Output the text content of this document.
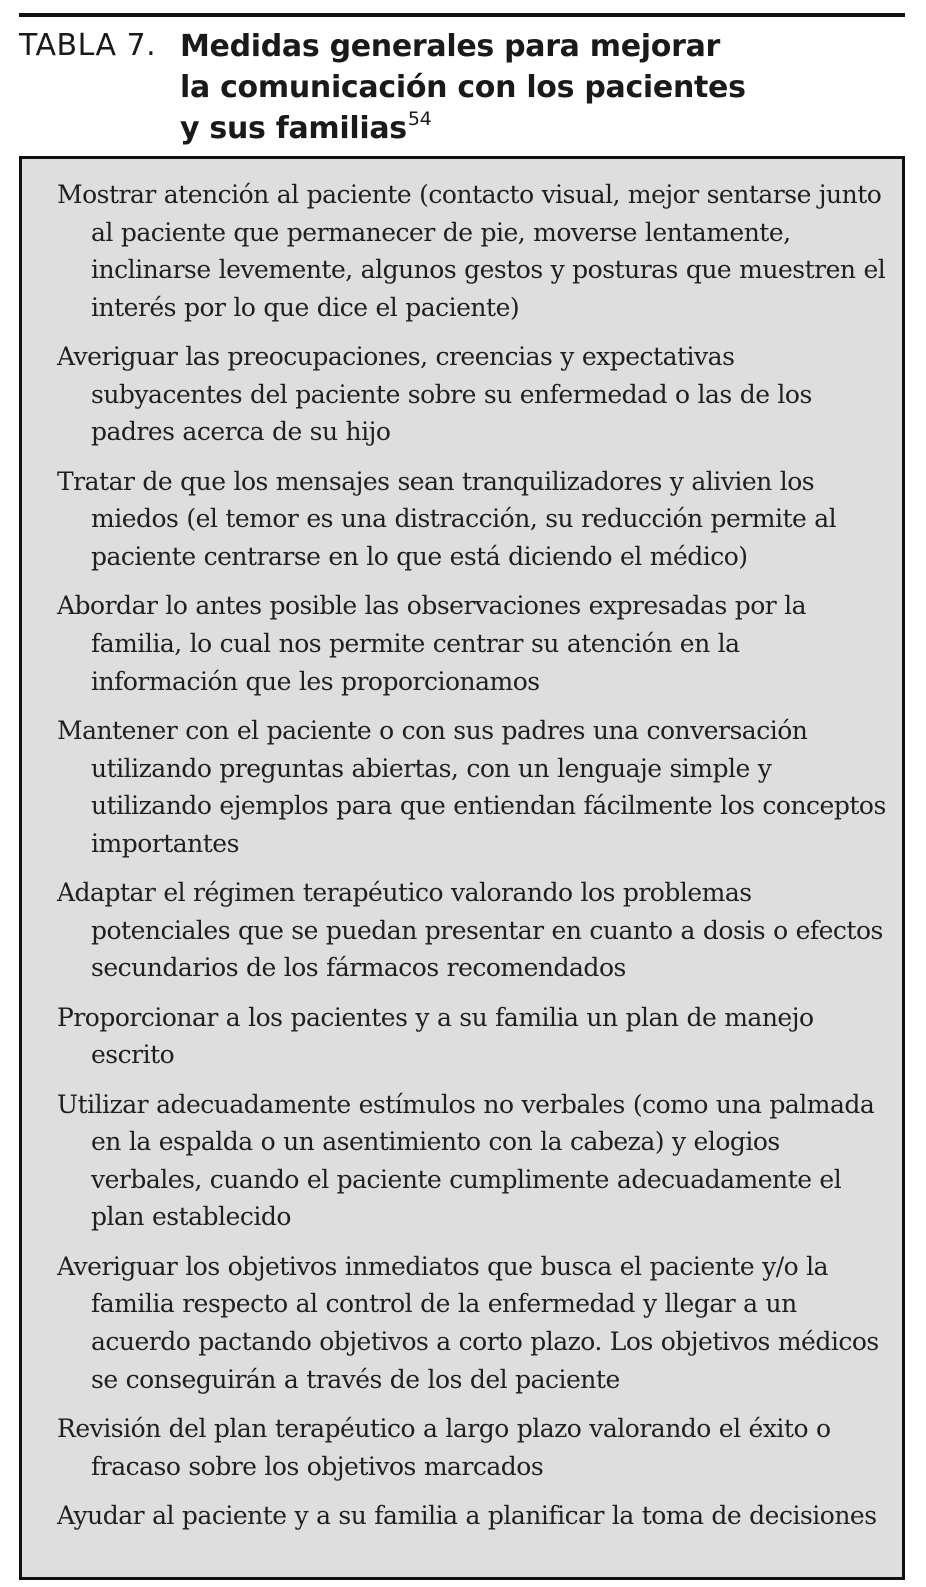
TABLA 7. Medidas generales para mejorar
la comunicación con los pacientes
y sus familias$^{54}$
Mostrar atención al paciente (contacto visual, mejor sentarse junto al paciente que permanecer de pie, moverse lentamente, inclinarse levemente, algunos gestos y posturas que muestren el interés por lo que dice el paciente)
Averiguar las preocupaciones, creencias y expectativas subyacentes del paciente sobre su enfermedad o las de los padres acerca de su hijo
Tratar de que los mensajes sean tranquilizadores y alivien los miedos (el temor es una distracción, su reducción permite al paciente centrarse en lo que está diciendo el médico)
Abordar lo antes posible las observaciones expresadas por la familia, lo cual nos permite centrar su atención en la información que les proporcionamos
Mantener con el paciente o con sus padres una conversación utilizando preguntas abiertas, con un lenguaje simple y utilizando ejemplos para que entiendan fácilmente los conceptos importantes
Adaptar el régimen terapéutico valorando los problemas potenciales que se puedan presentar en cuanto a dosis o efectos secundarios de los fármacos recomendados
Proporcionar a los pacientes y a su familia un plan de manejo escrito
Utilizar adecuadamente estímulos no verbales (como una palmada en la espalda o un asentimiento con la cabeza) y elogios verbales, cuando el paciente cumplimente adecuadamente el plan establecido
Averiguar los objetivos inmediatos que busca el paciente y/o la familia respecto al control de la enfermedad y llegar a un acuerdo pactando objetivos a corto plazo. Los objetivos médicos se conseguirán a través de los del paciente
Revisión del plan terapéutico a largo plazo valorando el éxito o fracaso sobre los objetivos marcados
Ayudar al paciente y a su familia a planificar la toma de decisiones
